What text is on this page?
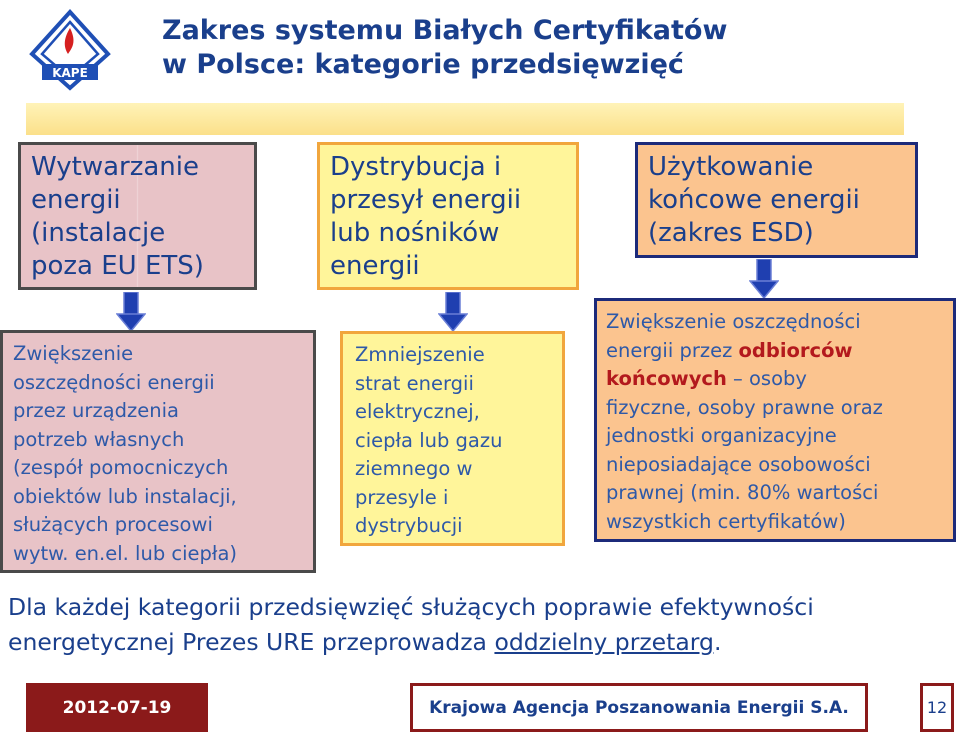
KAPE
Zakres systemu Białych Certyfikatów
w Polsce: kategorie przedsięwzięć
Wytwarzanie
energii
(instalacje
poza EU ETS)
Dystrybucja i
przesył energii
lub nośników
energii
Użytkowanie
końcowe energii
(zakres ESD)
Zwiększenie
oszczędności energii
przez urządzenia
potrzeb własnych
(zespół pomocniczych
obiektów lub instalacji,
służących procesowi
wytw. en.el. lub ciepła)
Zmniejszenie
strat energii
elektrycznej,
ciepła lub gazu
ziemnego w
przesyle i
dystrybucji
Zwiększenie oszczędności
energii przez odbiorców
końcowych – osoby
fizyczne, osoby prawne oraz
jednostki organizacyjne
nieposiadające osobowości
prawnej (min. 80% wartości
wszystkich certyfikatów)
Dla każdej kategorii przedsięwzięć służących poprawie efektywności
energetycznej Prezes URE przeprowadza oddzielny przetarg.
2012-07-19	Krajowa Agencja Poszanowania Energii S.A.	12
